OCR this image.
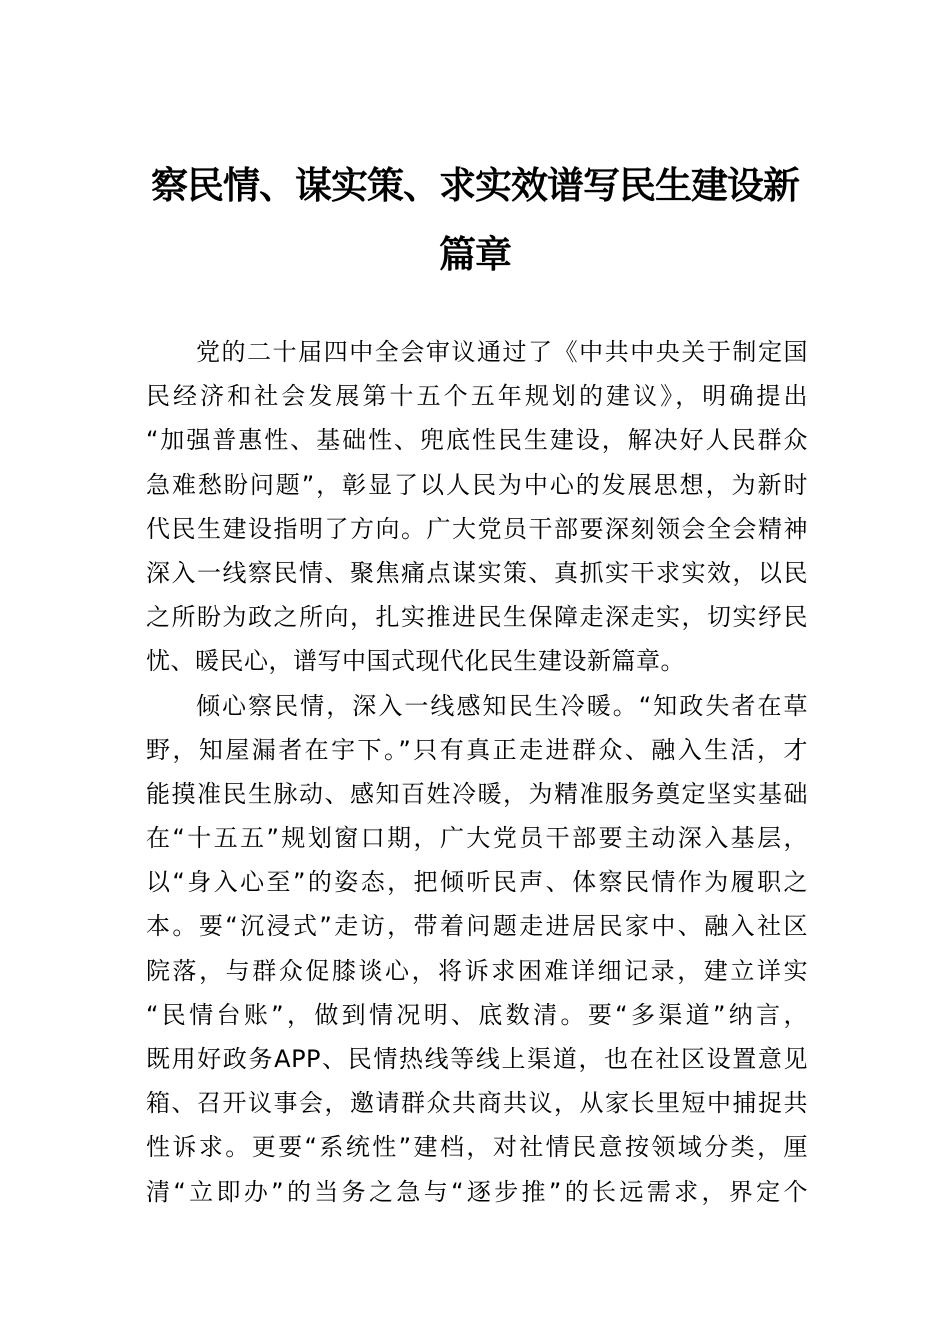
察民情、谋实策、求实效谱写民生建设新
篇章
党的二十届四中全会审议通过了《中共中央关于制定国
民经济和社会发展第十五个五年规划的建议》，明确提出
“加强普惠性、基础性、兜底性民生建设，解决好人民群众
急难愁盼问题”，彰显了以人民为中心的发展思想，为新时
代民生建设指明了方向。广大党员干部要深刻领会全会精神
深入一线察民情、聚焦痛点谋实策、真抓实干求实效，以民
之所盼为政之所向，扎实推进民生保障走深走实，切实纾民
忧、暖民心，谱写中国式现代化民生建设新篇章。
倾心察民情，深入一线感知民生冷暖。“知政失者在草
野，知屋漏者在宇下。”只有真正走进群众、融入生活，才
能摸准民生脉动、感知百姓冷暖，为精准服务奠定坚实基础
在“十五五”规划窗口期，广大党员干部要主动深入基层，
以“身入心至”的姿态，把倾听民声、体察民情作为履职之
本。要“沉浸式”走访，带着问题走进居民家中、融入社区
院落，与群众促膝谈心，将诉求困难详细记录，建立详实
“民情台账”，做到情况明、底数清。要“多渠道”纳言，
既用好政务APP、民情热线等线上渠道，也在社区设置意见
箱、召开议事会，邀请群众共商共议，从家长里短中捕捉共
性诉求。更要“系统性”建档，对社情民意按领域分类，厘
清“立即办”的当务之急与“逐步推”的长远需求，界定个
